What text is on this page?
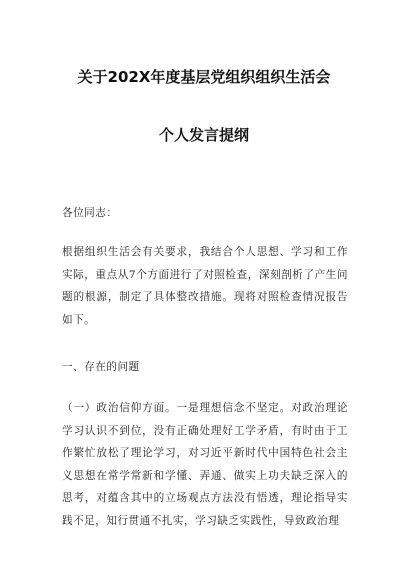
关于202X年度基层党组织组织生活会
个人发言提纲
各位同志：
根据组织生活会有关要求，我结合个人思想、学习和工作实际，重点从7个方面进行了对照检查，深刻剖析了产生问题的根源，制定了具体整改措施。现将对照检查情况报告如下。
一、存在的问题
（一）政治信仰方面。一是理想信念不坚定。对政治理论学习认识不到位，没有正确处理好工学矛盾，有时由于工作繁忙放松了理论学习，对习近平新时代中国特色社会主义思想在常学常新和学懂、弄通、做实上功夫缺乏深入的思考，对蕴含其中的立场观点方法没有悟透，理论指导实践不足，知行贯通不扎实，学习缺乏实践性，导致政治理
